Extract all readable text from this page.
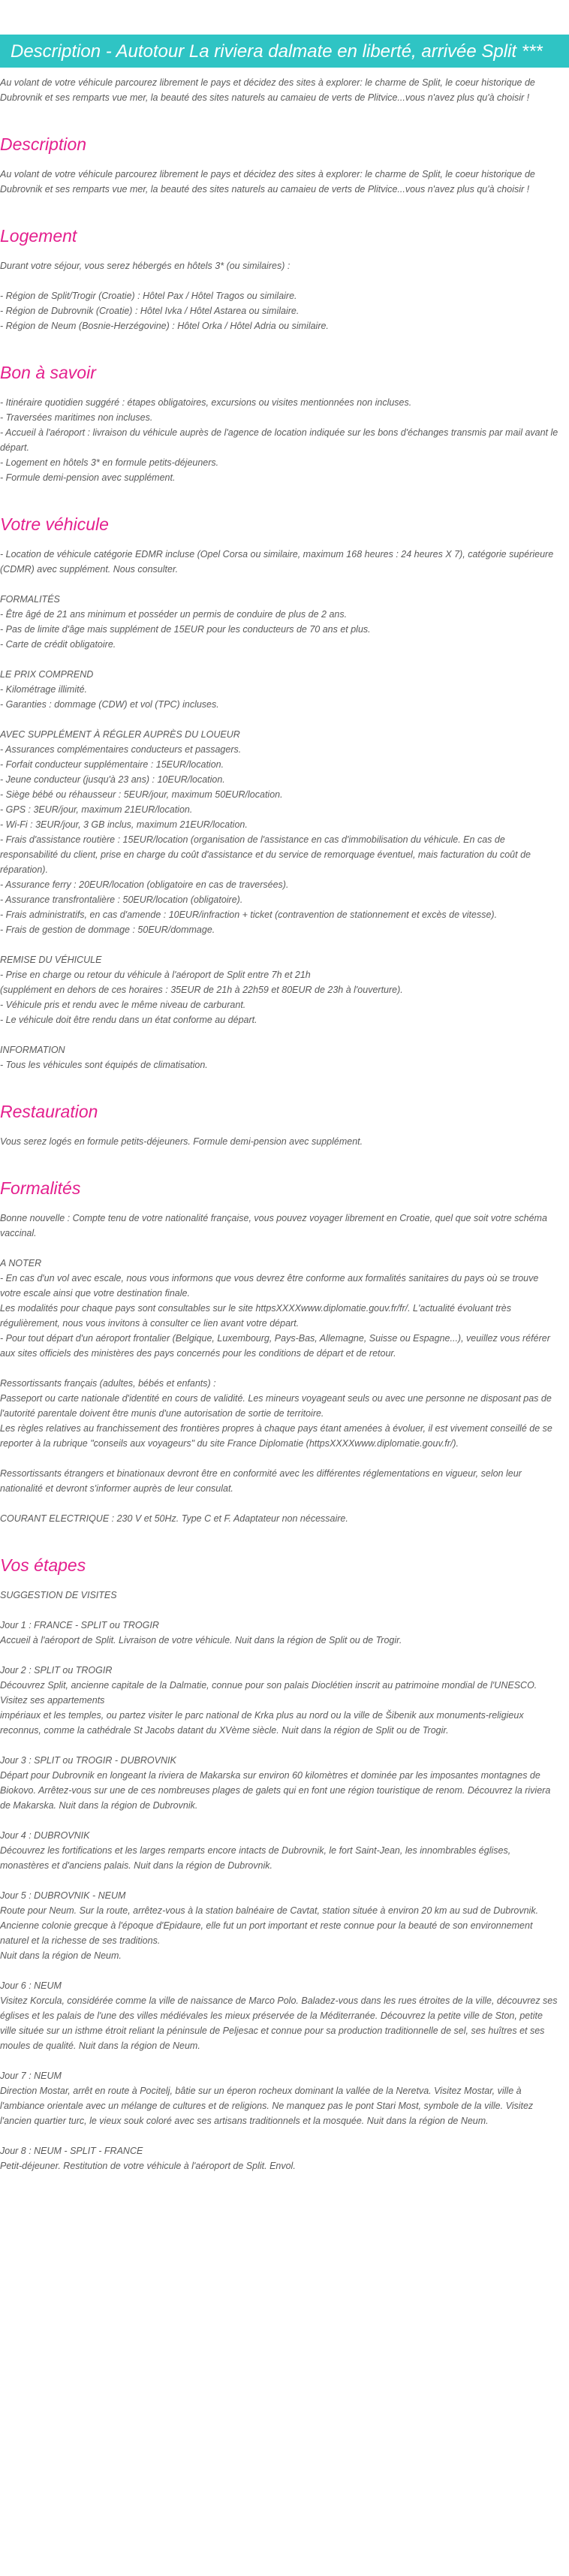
Description - Autotour La riviera dalmate en liberté, arrivée Split ***

Au volant de votre véhicule parcourez librement le pays et décidez des sites à explorer: le charme de Split, le coeur historique de Dubrovnik et ses remparts vue mer, la beauté des sites naturels au camaieu de verts de Plitvice...vous n'avez plus qu'à choisir !

Description

Au volant de votre véhicule parcourez librement le pays et décidez des sites à explorer: le charme de Split, le coeur historique de Dubrovnik et ses remparts vue mer, la beauté des sites naturels au camaieu de verts de Plitvice...vous n'avez plus qu'à choisir !

Logement

Durant votre séjour, vous serez hébergés en hôtels 3* (ou similaires) :

- Région de Split/Trogir (Croatie) : Hôtel Pax / Hôtel Tragos ou similaire.
- Région de Dubrovnik (Croatie) : Hôtel Ivka / Hôtel Astarea ou similaire.
- Région de Neum (Bosnie-Herzégovine) : Hôtel Orka / Hôtel Adria ou similaire.

Bon à savoir

- Itinéraire quotidien suggéré : étapes obligatoires, excursions ou visites mentionnées non incluses.
- Traversées maritimes non incluses.
- Accueil à l'aéroport : livraison du véhicule auprès de l'agence de location indiquée sur les bons d'échanges transmis par mail avant le départ.
- Logement en hôtels 3* en formule petits-déjeuners.
- Formule demi-pension avec supplément.

Votre véhicule

- Location de véhicule catégorie EDMR incluse (Opel Corsa ou similaire, maximum 168 heures : 24 heures X 7), catégorie supérieure (CDMR) avec supplément. Nous consulter.

FORMALITÉS
- Être âgé de 21 ans minimum et posséder un permis de conduire de plus de 2 ans.
- Pas de limite d'âge mais supplément de 15EUR pour les conducteurs de 70 ans et plus.
- Carte de crédit obligatoire.

LE PRIX COMPREND
- Kilométrage illimité.
- Garanties : dommage (CDW) et vol (TPC) incluses.

AVEC SUPPLÉMENT À RÉGLER AUPRÈS DU LOUEUR
- Assurances complémentaires conducteurs et passagers.
- Forfait conducteur supplémentaire : 15EUR/location.
- Jeune conducteur (jusqu'à 23 ans) : 10EUR/location.
- Siège bébé ou réhausseur : 5EUR/jour, maximum 50EUR/location.
- GPS : 3EUR/jour, maximum 21EUR/location.
- Wi-Fi : 3EUR/jour, 3 GB inclus, maximum 21EUR/location.
- Frais d'assistance routière : 15EUR/location (organisation de l'assistance en cas d'immobilisation du véhicule. En cas de responsabilité du client, prise en charge du coût d'assistance et du service de remorquage éventuel, mais facturation du coût de réparation).
- Assurance ferry : 20EUR/location (obligatoire en cas de traversées).
- Assurance transfrontalière : 50EUR/location (obligatoire).
- Frais administratifs, en cas d'amende : 10EUR/infraction + ticket (contravention de stationnement et excès de vitesse).
- Frais de gestion de dommage : 50EUR/dommage.

REMISE DU VÉHICULE
- Prise en charge ou retour du véhicule à l'aéroport de Split entre 7h et 21h
(supplément en dehors de ces horaires : 35EUR de 21h à 22h59 et 80EUR de 23h à l'ouverture).
- Véhicule pris et rendu avec le même niveau de carburant.
- Le véhicule doit être rendu dans un état conforme au départ.

INFORMATION
- Tous les véhicules sont équipés de climatisation.

Restauration

Vous serez logés en formule petits-déjeuners. Formule demi-pension avec supplément.

Formalités

Bonne nouvelle : Compte tenu de votre nationalité française, vous pouvez voyager librement en Croatie, quel que soit votre schéma vaccinal.

A NOTER
- En cas d'un vol avec escale, nous vous informons que vous devrez être conforme aux formalités sanitaires du pays où se trouve votre escale ainsi que votre destination finale.
Les modalités pour chaque pays sont consultables sur le site httpsXXXXwww.diplomatie.gouv.fr/fr/. L'actualité évoluant très régulièrement, nous vous invitons à consulter ce lien avant votre départ.
- Pour tout départ d'un aéroport frontalier (Belgique, Luxembourg, Pays-Bas, Allemagne, Suisse ou Espagne...), veuillez vous référer aux sites officiels des ministères des pays concernés pour les conditions de départ et de retour.

Ressortissants français (adultes, bébés et enfants) :
Passeport ou carte nationale d'identité en cours de validité. Les mineurs voyageant seuls ou avec une personne ne disposant pas de l'autorité parentale doivent être munis d'une autorisation de sortie de territoire.
Les règles relatives au franchissement des frontières propres à chaque pays étant amenées à évoluer, il est vivement conseillé de se reporter à la rubrique "conseils aux voyageurs" du site France Diplomatie (httpsXXXXwww.diplomatie.gouv.fr/).

Ressortissants étrangers et binationaux devront être en conformité avec les différentes réglementations en vigueur, selon leur nationalité et devront s'informer auprès de leur consulat.

COURANT ELECTRIQUE : 230 V et 50Hz. Type C et F. Adaptateur non nécessaire.

Vos étapes

SUGGESTION DE VISITES

Jour 1 : FRANCE - SPLIT ou TROGIR
Accueil à l'aéroport de Split. Livraison de votre véhicule. Nuit dans la région de Split ou de Trogir.

Jour 2 : SPLIT ou TROGIR
Découvrez Split, ancienne capitale de la Dalmatie, connue pour son palais Dioclétien inscrit au patrimoine mondial de l'UNESCO. Visitez ses appartements
impériaux et les temples, ou partez visiter le parc national de Krka plus au nord ou la ville de Šibenik aux monuments-religieux reconnus, comme la cathédrale St Jacobs datant du XVème siècle. Nuit dans la région de Split ou de Trogir.

Jour 3 : SPLIT ou TROGIR - DUBROVNIK
Départ pour Dubrovnik en longeant la riviera de Makarska sur environ 60 kilomètres et dominée par les imposantes montagnes de Biokovo. Arrêtez-vous sur une de ces nombreuses plages de galets qui en font une région touristique de renom. Découvrez la riviera de Makarska. Nuit dans la région de Dubrovnik.

Jour 4 : DUBROVNIK
Découvrez les fortifications et les larges remparts encore intacts de Dubrovnik, le fort Saint-Jean, les innombrables églises, monastères et d'anciens palais. Nuit dans la région de Dubrovnik.

Jour 5 : DUBROVNIK - NEUM
Route pour Neum. Sur la route, arrêtez-vous à la station balnéaire de Cavtat, station située à environ 20 km au sud de Dubrovnik. Ancienne colonie grecque à l'époque d'Epidaure, elle fut un port important et reste connue pour la beauté de son environnement naturel et la richesse de ses traditions.
Nuit dans la région de Neum.

Jour 6 : NEUM
Visitez Korcula, considérée comme la ville de naissance de Marco Polo. Baladez-vous dans les rues étroites de la ville, découvrez ses églises et les palais de l'une des villes médiévales les mieux préservée de la Méditerranée. Découvrez la petite ville de Ston, petite ville située sur un isthme étroit reliant la péninsule de Peljesac et connue pour sa production traditionnelle de sel, ses huîtres et ses moules de qualité. Nuit dans la région de Neum.

Jour 7 : NEUM
Direction Mostar, arrêt en route à Pocitelj, bâtie sur un éperon rocheux dominant la vallée de la Neretva. Visitez Mostar, ville à l'ambiance orientale avec un mélange de cultures et de religions. Ne manquez pas le pont Stari Most, symbole de la ville. Visitez l'ancien quartier turc, le vieux souk coloré avec ses artisans traditionnels et la mosquée. Nuit dans la région de Neum.

Jour 8 : NEUM - SPLIT - FRANCE
Petit-déjeuner. Restitution de votre véhicule à l'aéroport de Split. Envol.
